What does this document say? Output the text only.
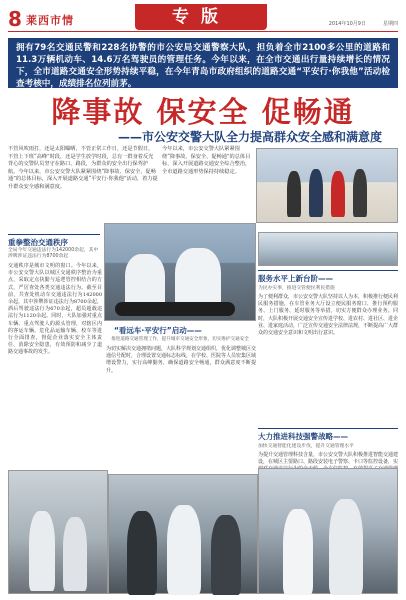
8 莱西市情	专版	2014年10月9日	星期四
拥有79名交通民警和228名协警的市公安局交通警察大队，担负着全市2100多公里的道路和11.3万辆机动车、14.6万名驾驶员的管理任务。今年以来，在全市交通出行量持续增长的情况下，全市道路交通安全形势持续平稳，在今年青岛市政府组织的道路交通“平安行·你我他”活动检查考核中，成绩排名位列前茅。
降事故 保安全 促畅通
——市公安交警大队全力提高群众安全感和满意度
不管风吹雨打，还是太阳曝晒，不管正常工作日，还是节假日，不管上下班“高峰”时段，还是学生放学时段，总有一群身着反光背心的交警队员坚守在路口、路段，为群众的安全出行保驾护航。今年以来，市公安交警大队紧紧围绕“降事故、保安全、促畅通”的总体目标，深入开展道路交通“平安行·你我他”活动，着力提升群众安全感和满意度。
今年以来，市公安交警大队紧紧围绕“降事故、保安全、促畅通”的总体目标，深入开展道路交通安全综合整治，全市道路交通形势保持持续稳定。
重拳整治交通秩序
全局今年交通违法行为142000余起，其中涉牌涉证违法行为8700余起
交通秩序是城市文明的窗口。今年以来，市公安交警大队以城区交通秩序整治为重点，采取定点执勤与巡逻管控相结合的方式，严厉查处各类交通违法行为。截至目前，共查处机动车交通违法行为142000余起，其中涉牌涉证违法行为8700余起，酒后驾驶违法行为670余起，超员超载违法行为1120余起。同时，大队加强对重点车辆、重点驾驶人的源头管理，对辖区内的客运车辆、危化品运输车辆、校车等进行全面排查，督促企业落实安全主体责任，消除安全隐患，有效预防和减少了道路交通事故的发生。
“看远车·平安行”启动——
推进道路交通管理工作，提升城市交通安全形象，切实维护交通安全
为切实解决交通拥堵问题，大队科学规划交通组织，优化调整城区交通信号配时，合理设置交通标志标线，在学校、医院等人员密集区域增设警力，实行高峰勤务，确保道路安全畅通，群众满意度不断提升。
服务水平上新台阶——
为民办实事，推进交管便民利民措施
为了便利群众，市公安交警大队坚持以人为本，积极推行便民利民服务措施，在车管业务大厅设立便民服务窗口，推行预约服务、上门服务、延时服务等举措，切实方便群众办理业务。同时，大队积极开展交通安全宣传进学校、进农村、进社区、进企业、进家庭活动，广泛宣传交通安全法律法规，不断提高广大群众的交通安全意识和文明出行意识。
大力推进科技强警战略——
加快交通智能化建设步伐，提升交通管理水平
为提升交通管理科技含量，市公安交警大队积极推进智能交通建设，在城区主要路口、路段安装电子警察、卡口等监控设备，实
